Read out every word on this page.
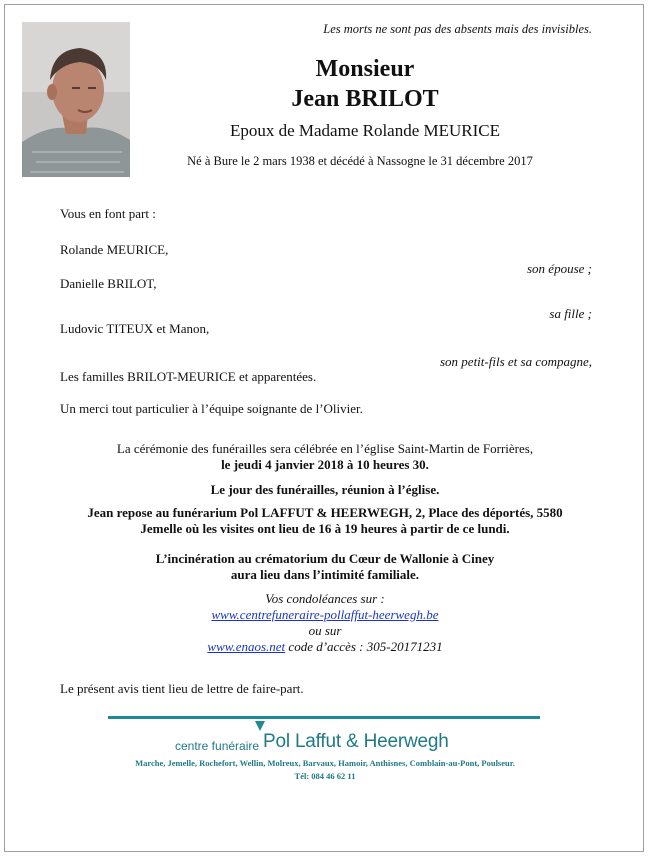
Les morts ne sont pas des absents mais des invisibles.
Monsieur
Jean BRILOT
Epoux de Madame Rolande MEURICE
Né à Bure le 2 mars 1938 et décédé à Nassogne le 31 décembre 2017
Vous en font part :
Rolande MEURICE,
son épouse ;
Danielle BRILOT,
sa fille ;
Ludovic TITEUX et Manon,
son petit-fils et sa compagne,
Les familles BRILOT-MEURICE et apparentées.
Un merci tout particulier à l’équipe soignante de l’Olivier.
La cérémonie des funérailles sera célébrée en l’église Saint-Martin de Forrières,
le jeudi 4 janvier 2018 à 10 heures 30.
Le jour des funérailles, réunion à l’église.
Jean repose au funérarium Pol LAFFUT & HEERWEGH, 2, Place des déportés, 5580
Jemelle où les visites ont lieu de 16 à 19 heures à partir de ce lundi.
L’incinération au crématorium du Cœur de Wallonie à Ciney
aura lieu dans l’intimité familiale.
Vos condoléances sur :
www.centrefuneraire-pollaffut-heerwegh.be
ou sur
www.enaos.net code d’accès : 305-20171231
Le présent avis tient lieu de lettre de faire-part.
centre funéraire Pol Laffut & Heerwegh
Marche, Jemelle, Rochefort, Wellin, Molreux, Barvaux, Hamoir, Anthisnes, Comblain-au-Pont, Poulseur.
Tél: 084 46 62 11
